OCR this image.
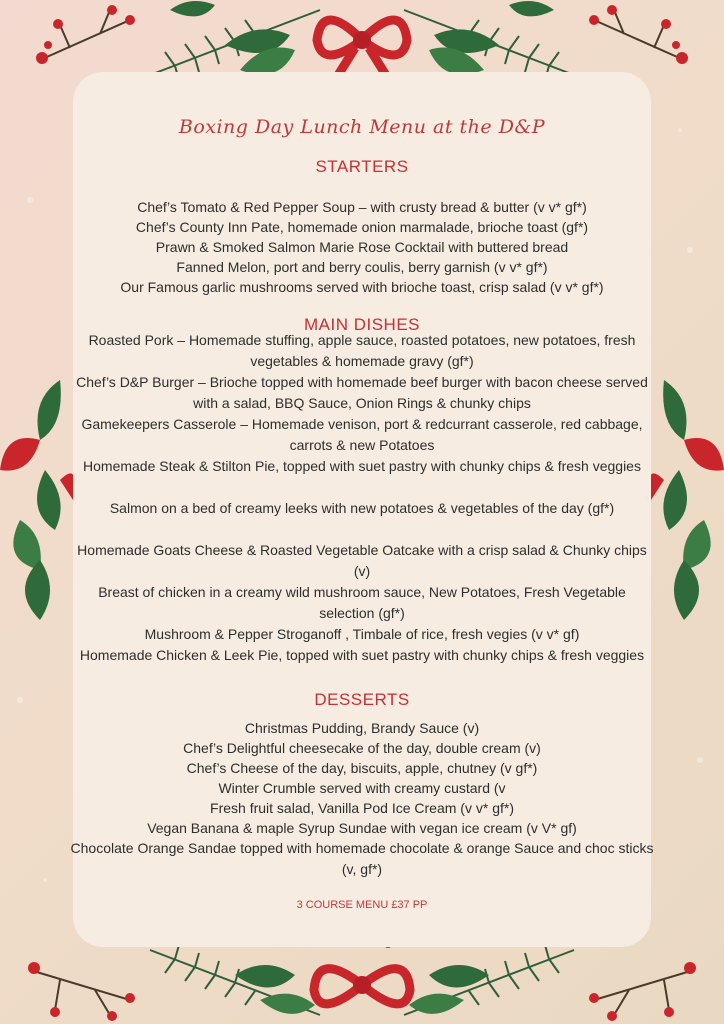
Boxing Day Lunch Menu at the D&P
STARTERS
Chef’s Tomato & Red Pepper Soup – with crusty bread & butter (v v* gf*)
Chef’s County Inn Pate, homemade onion marmalade, brioche toast (gf*)
Prawn & Smoked Salmon Marie Rose Cocktail with buttered bread
Fanned Melon, port and berry coulis, berry garnish (v v* gf*)
Our Famous garlic mushrooms served with brioche toast, crisp salad (v v* gf*)
MAIN DISHES
Roasted Pork – Homemade stuffing, apple sauce, roasted potatoes, new potatoes, fresh vegetables & homemade gravy (gf*)
Chef’s D&P Burger – Brioche topped with homemade beef burger with bacon cheese served with a salad, BBQ Sauce, Onion Rings & chunky chips
Gamekeepers Casserole – Homemade venison, port & redcurrant casserole, red cabbage, carrots & new Potatoes
Homemade Steak & Stilton Pie, topped with suet pastry with chunky chips & fresh veggies
Salmon on a bed of creamy leeks with new potatoes & vegetables of the day (gf*)
Homemade Goats Cheese & Roasted Vegetable Oatcake with a crisp salad & Chunky chips (v)
Breast of chicken in a creamy wild mushroom sauce, New Potatoes, Fresh Vegetable selection (gf*)
Mushroom & Pepper Stroganoff , Timbale of rice, fresh vegies (v v* gf)
Homemade Chicken & Leek Pie, topped with suet pastry with chunky chips & fresh veggies
DESSERTS
Christmas Pudding, Brandy Sauce (v)
Chef’s Delightful cheesecake of the day, double cream (v)
Chef’s Cheese of the day, biscuits, apple, chutney (v gf*)
Winter Crumble served with creamy custard (v
Fresh fruit salad, Vanilla Pod Ice Cream (v v* gf*)
Vegan Banana & maple Syrup Sundae with vegan ice cream (v V* gf)
Chocolate Orange Sandae topped with homemade chocolate & orange Sauce and choc sticks (v, gf*)
3 COURSE MENU £37 PP
